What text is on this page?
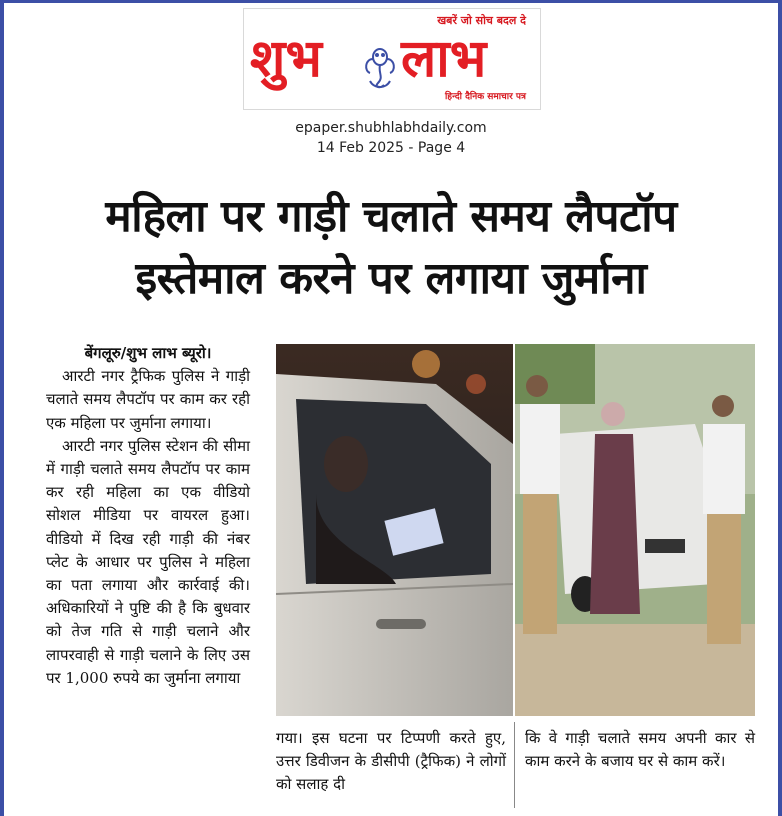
खबरें जो सोच बदल दे
शुभ लाभ
हिन्दी दैनिक समाचार पत्र
epaper.shubhlabhdaily.com
14 Feb 2025 - Page 4
महिला पर गाड़ी चलाते समय लैपटॉप
इस्तेमाल करने पर लगाया जुर्माना
बेंगलूरु/शुभ लाभ ब्यूरो।
आरटी नगर ट्रैफिक पुलिस ने गाड़ी चलाते समय लैपटॉप पर काम कर रही एक महिला पर जुर्माना लगाया।
आरटी नगर पुलिस स्टेशन की सीमा में गाड़ी चलाते समय लैपटॉप पर काम कर रही महिला का एक वीडियो सोशल मीडिया पर वायरल हुआ। वीडियो में दिख रही गाड़ी की नंबर प्लेट के आधार पर पुलिस ने महिला का पता लगाया और कार्रवाई की। अधिकारियों ने पुष्टि की है कि बुधवार को तेज गति से गाड़ी चलाने और लापरवाही से गाड़ी चलाने के लिए उस पर 1,000 रुपये का जुर्माना लगाया
गया। इस घटना पर टिप्पणी करते हुए, उत्तर डिवीजन के डीसीपी (ट्रैफिक) ने लोगों को सलाह दी
कि वे गाड़ी चलाते समय अपनी कार से काम करने के बजाय घर से काम करें।
